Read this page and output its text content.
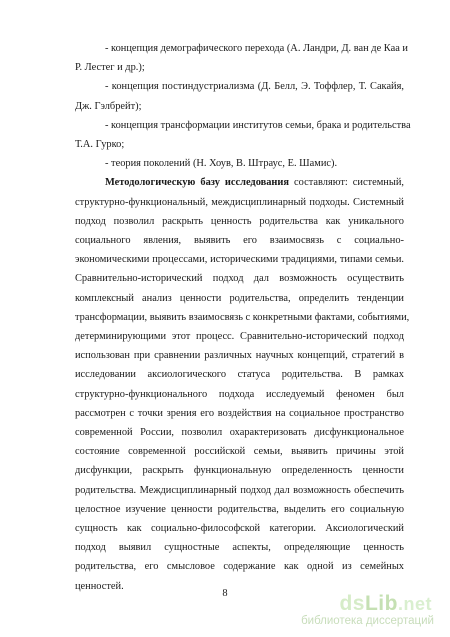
- концепция демографического перехода (А. Ландри, Д. ван де Каа и
Р. Лестег и др.);
- концепция постиндустриализма (Д. Белл, Э. Тоффлер, Т. Сакайя,
Дж. Гэлбрейт);
- концепция трансформации институтов семьи, брака и родительства
Т.А. Гурко;
- теория поколений (Н. Хоув, В. Штраус, Е. Шамис).
Методологическую базу исследования составляют: системный,
структурно-функциональный, междисциплинарный подходы. Системный
подход позволил раскрыть ценность родительства как уникального
социального явления, выявить его взаимосвязь с социально-
экономическими процессами, историческими традициями, типами семьи.
Сравнительно-исторический подход дал возможность осуществить
комплексный анализ ценности родительства, определить тенденции
трансформации, выявить взаимосвязь с конкретными фактами, событиями,
детерминирующими этот процесс. Сравнительно-исторический подход
использован при сравнении различных научных концепций, стратегий в
исследовании аксиологического статуса родительства. В рамках
структурно-функционального подхода исследуемый феномен был
рассмотрен с точки зрения его воздействия на социальное пространство
современной России, позволил охарактеризовать дисфункциональное
состояние современной российской семьи, выявить причины этой
дисфункции, раскрыть функциональную определенность ценности
родительства. Междисциплинарный подход дал возможность обеспечить
целостное изучение ценности родительства, выделить его социальную
сущность как социально-философской категории. Аксиологический
подход выявил сущностные аспекты, определяющие ценность
родительства, его смысловое содержание как одной из семейных
ценностей.
8	dsLib.net
библиотека диссертаций
